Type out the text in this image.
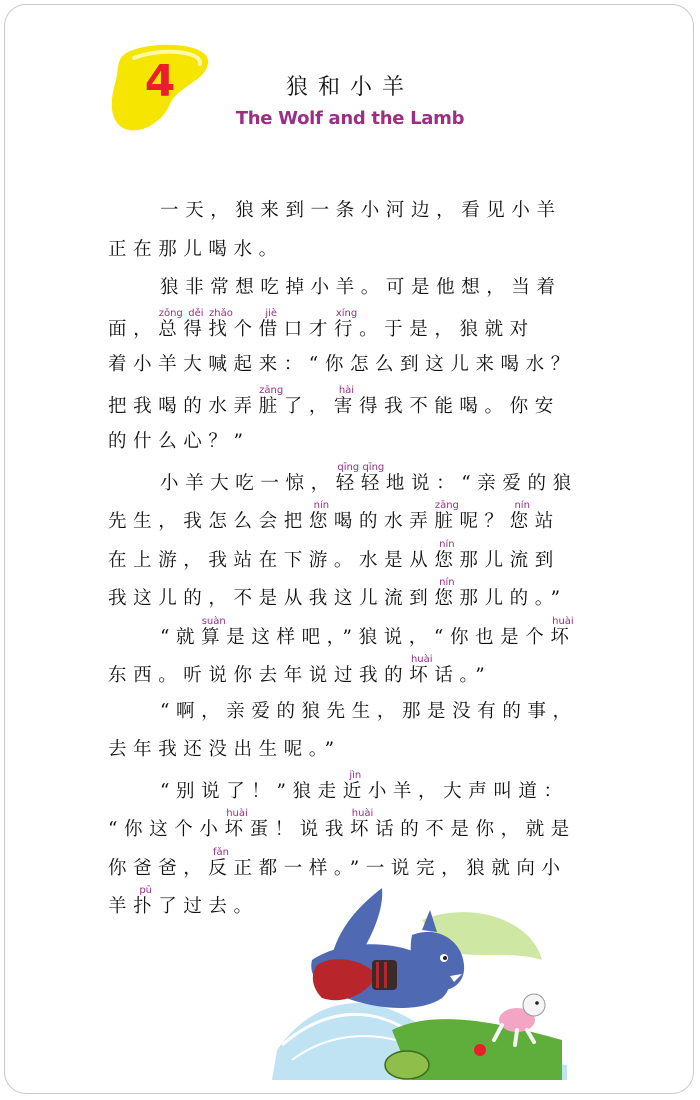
4	狼和小羊
The Wolf and the Lamb
一天，狼来到一条小河边，看见小羊
正在那儿喝水。
狼非常想吃掉小羊。可是他想，当着
面，总zǒng得děi找zhǎo个借jiè口才行xíng。于是，狼就对
着小羊大喊起来：“你怎么到这儿来喝水？
把我喝的水弄脏zāng了，害hài得我不能喝。你安
的什么心？”
小羊大吃一惊，轻qīng轻qīng地说：“亲爱的狼
先生，我怎么会把您nín喝的水弄脏zāng呢？您nín站
在上游，我站在下游。水是从您nín那儿流到
我这儿的，不是从我这儿流到您nín那儿的。”
“就算suàn是这样吧，”狼说，“你也是个坏huài
东西。听说你去年说过我的坏huài话。”
“啊，亲爱的狼先生，那是没有的事，
去年我还没出生呢。”
“别说了！”狼走近jìn小羊，大声叫道：
“你这个小坏huài蛋！说我坏huài话的不是你，就是
你爸爸，反fǎn正都一样。”一说完，狼就向小
羊扑pū了过去。
